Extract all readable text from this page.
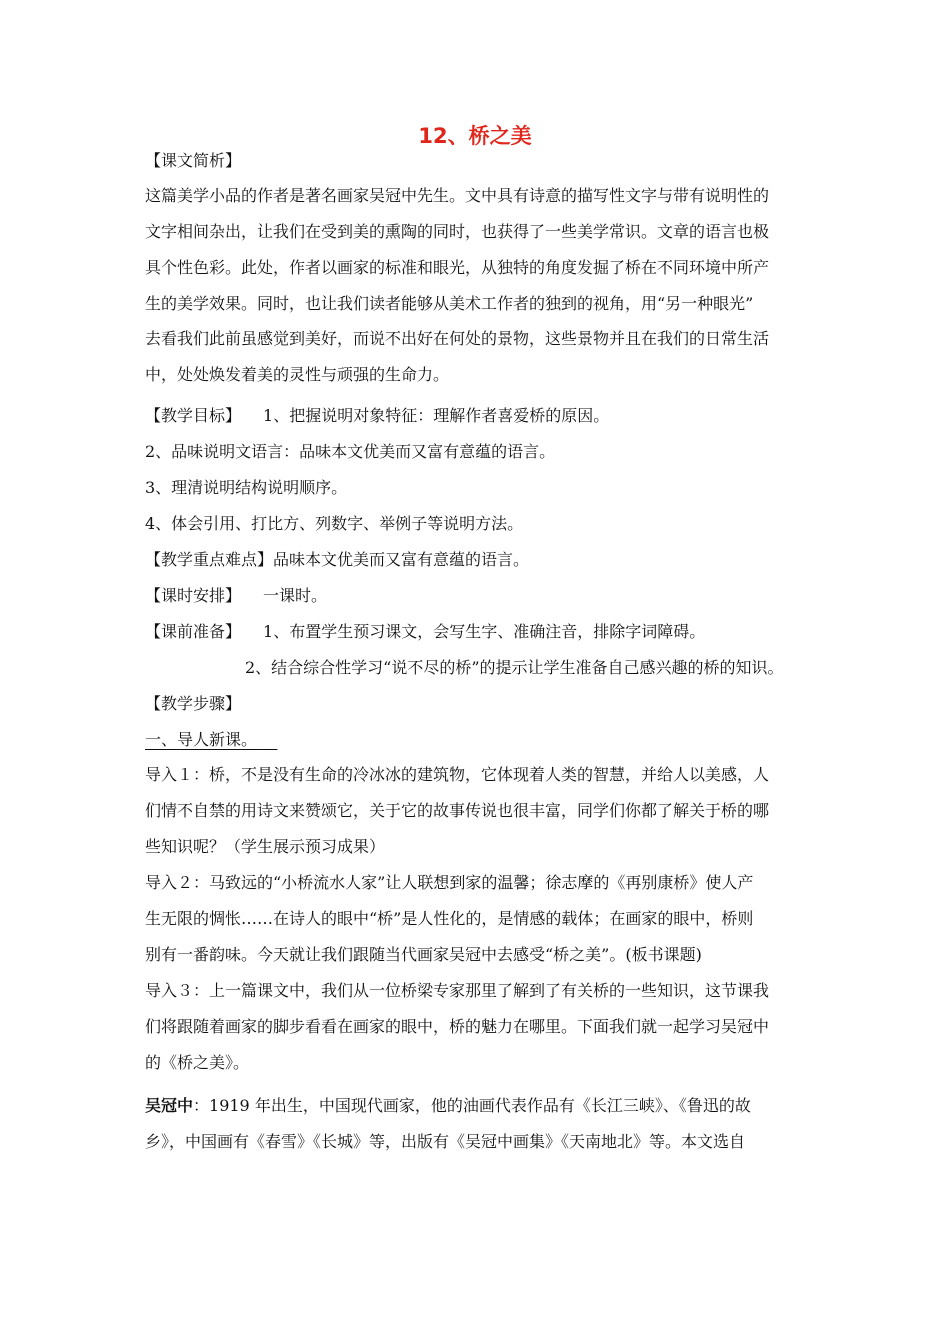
12、桥之美
【课文简析】
这篇美学小品的作者是著名画家吴冠中先生。文中具有诗意的描写性文字与带有说明性的
文字相间杂出，让我们在受到美的熏陶的同时，也获得了一些美学常识。文章的语言也极
具个性色彩。此处，作者以画家的标准和眼光，从独特的角度发掘了桥在不同环境中所产
生的美学效果。同时，也让我们读者能够从美术工作者的独到的视角，用“另一种眼光”
去看我们此前虽感觉到美好，而说不出好在何处的景物，这些景物并且在我们的日常生活
中，处处焕发着美的灵性与顽强的生命力。
【教学目标】 1、把握说明对象特征：理解作者喜爱桥的原因。
2、品味说明文语言：品味本文优美而又富有意蕴的语言。
3、理清说明结构说明顺序。
4、体会引用、打比方、列数字、举例子等说明方法。
【教学重点难点】品味本文优美而又富有意蕴的语言。
【课时安排】 一课时。
【课前准备】 1、布置学生预习课文，会写生字、准确注音，排除字词障碍。
2、结合综合性学习“说不尽的桥”的提示让学生准备自己感兴趣的桥的知识。
【教学步骤】
一、导人新课。
导入１：桥，不是没有生命的冷冰冰的建筑物，它体现着人类的智慧，并给人以美感，人
们情不自禁的用诗文来赞颂它，关于它的故事传说也很丰富，同学们你都了解关于桥的哪
些知识呢？（学生展示预习成果）
导入２：马致远的“小桥流水人家”让人联想到家的温馨；徐志摩的《再别康桥》使人产
生无限的惆怅……在诗人的眼中“桥”是人性化的，是情感的载体；在画家的眼中，桥则
别有一番韵味。今天就让我们跟随当代画家吴冠中去感受“桥之美”。(板书课题)
导入３：上一篇课文中，我们从一位桥梁专家那里了解到了有关桥的一些知识，这节课我
们将跟随着画家的脚步看看在画家的眼中，桥的魅力在哪里。下面我们就一起学习吴冠中
的《桥之美》。
吴冠中：1919 年出生，中国现代画家，他的油画代表作品有《长江三峡》、《鲁迅的故
乡》，中国画有《春雪》《长城》等，出版有《吴冠中画集》《天南地北》等。本文选自
